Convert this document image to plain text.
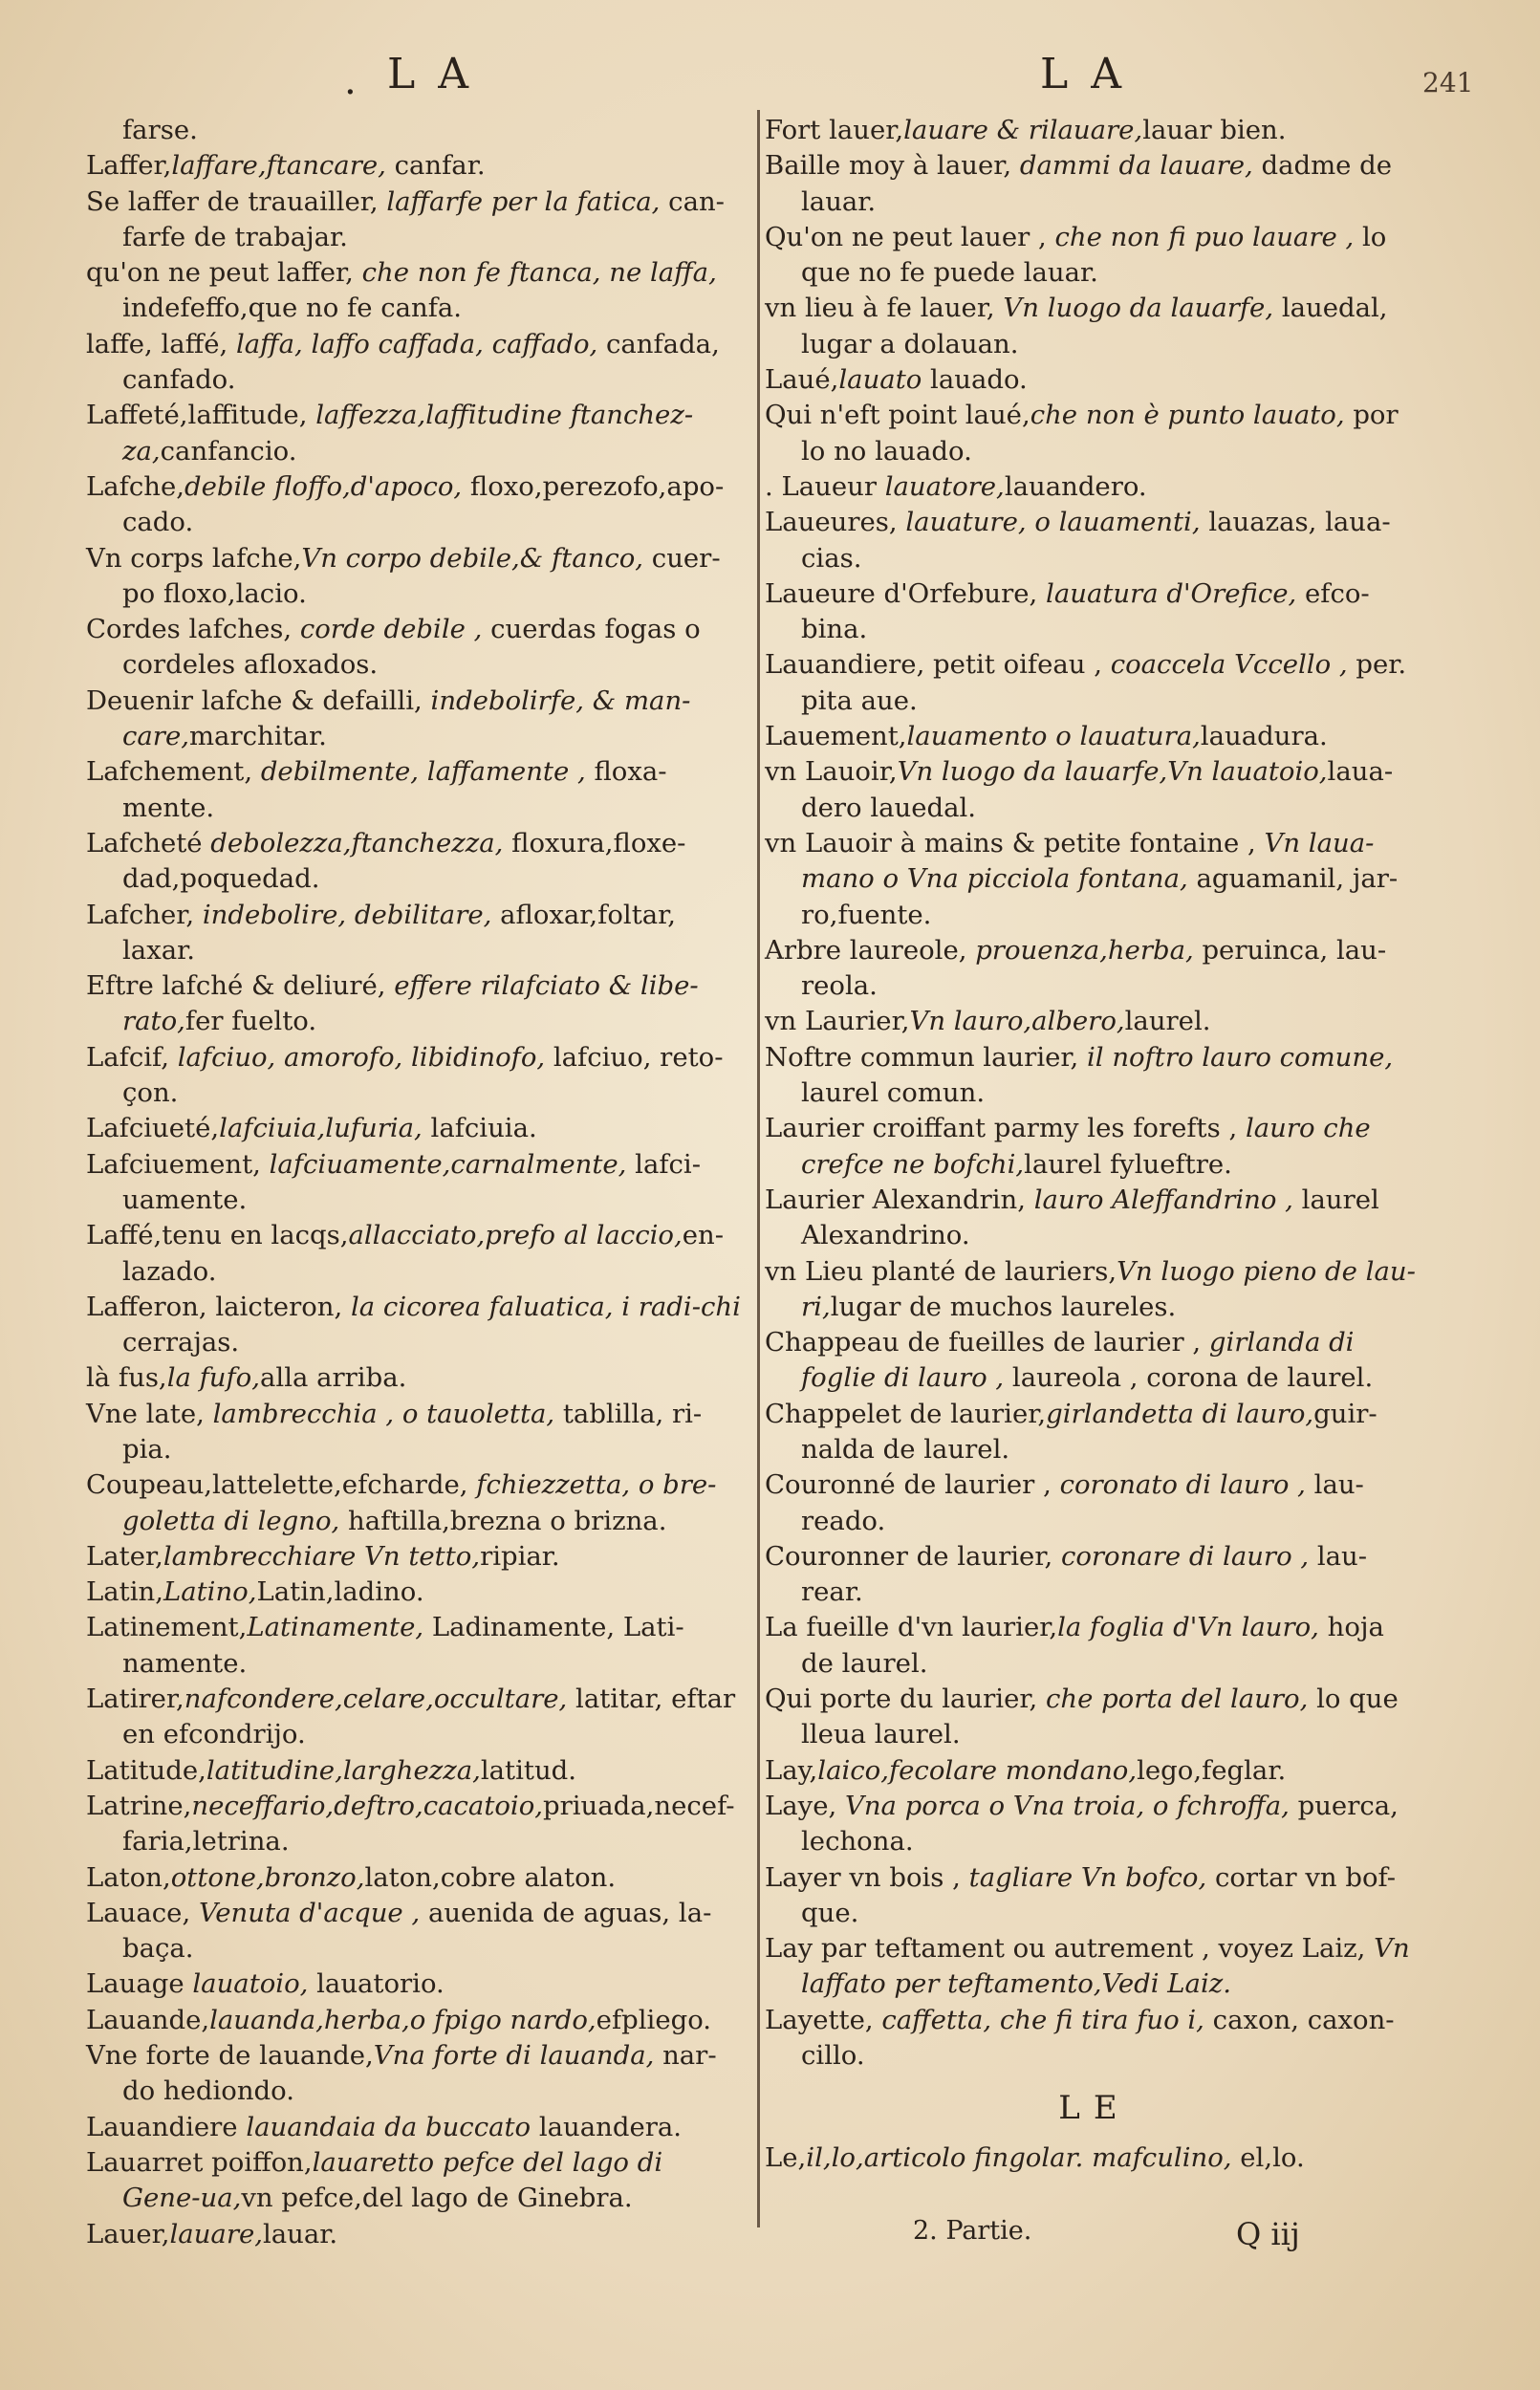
. LA	LA	241

farse.

Laffer,laffare,ftancare, canfar.

Se laffer de trauailler, laffarfe per la fatica, can-farfe de trabajar.

qu'on ne peut laffer, che non fe ftanca, ne laffa, indefeffo,que no fe canfa.

laffe, laffé, laffa, laffo caffada, caffado, canfada, canfado.

Laffeté,laffitude, laffezza,laffitudine ftanchez-za,canfancio.

Lafche,debile floffo,d'apoco, floxo,perezofo,apo-cado.

Vn corps lafche,Vn corpo debile,& ftanco, cuer-po floxo,lacio.

Cordes lafches, corde debile , cuerdas fogas o cordeles afloxados.

Deuenir lafche & defailli, indebolirfe, & man-care,marchitar.

Lafchement, debilmente, laffamente , floxa-mente.

Lafcheté debolezza,ftanchezza, floxura,floxe-dad,poquedad.

Lafcher, indebolire, debilitare, afloxar,foltar, laxar.

Eftre lafché & deliuré, effere rilafciato & libe-rato,fer fuelto.

Lafcif, lafciuo, amorofo, libidinofo, lafciuo, reto-çon.

Lafciueté,lafciuia,lufuria, lafciuia.

Lafciuement, lafciuamente,carnalmente, lafci-uamente.

Laffé,tenu en lacqs,allacciato,prefo al laccio,en-lazado.

Lafferon, laicteron, la cicorea faluatica, i radi-chi cerrajas.

là fus,la fufo,alla arriba.

Vne late, lambrecchia , o tauoletta, tablilla, ri-pia.

Coupeau,lattelette,efcharde, fchiezzetta, o bre-goletta di legno, haftilla,brezna o brizna.

Later,lambrecchiare Vn tetto,ripiar.

Latin,Latino,Latin,ladino.

Latinement,Latinamente, Ladinamente, Lati-namente.

Latirer,nafcondere,celare,occultare, latitar, eftar en efcondrijo.

Latitude,latitudine,larghezza,latitud.

Latrine,neceffario,deftro,cacatoio,priuada,necef-faria,letrina.

Laton,ottone,bronzo,laton,cobre alaton.

Lauace, Venuta d'acque , auenida de aguas, la-baça.

Lauage lauatoio, lauatorio.

Lauande,lauanda,herba,o fpigo nardo,efpliego.

Vne forte de lauande,Vna forte di lauanda, nar-do hediondo.

Lauandiere lauandaia da buccato lauandera.

Lauarret poiffon,lauaretto pefce del lago di Gene-ua,vn pefce,del lago de Ginebra.

Lauer,lauare,lauar.

Fort lauer,lauare & rilauare,lauar bien.

Baille moy à lauer, dammi da lauare, dadme de lauar.

Qu'on ne peut lauer , che non fi puo lauare , lo que no fe puede lauar.

vn lieu à fe lauer, Vn luogo da lauarfe, lauedal, lugar a dolauan.

Laué,lauato lauado.

Qui n'eft point laué,che non è punto lauato, por lo no lauado.

. Laueur lauatore,lauandero.

Laueures, lauature, o lauamenti, lauazas, laua-cias.

Laueure d'Orfebure, lauatura d'Orefice, efco-bina.

Lauandiere, petit oifeau , coaccela Vccello , per. pita aue.

Lauement,lauamento o lauatura,lauadura.

vn Lauoir,Vn luogo da lauarfe,Vn lauatoio,laua-dero lauedal.

vn Lauoir à mains & petite fontaine , Vn laua-mano o Vna picciola fontana, aguamanil, jar-ro,fuente.

Arbre laureole, prouenza,herba, peruinca, lau-reola.

vn Laurier,Vn lauro,albero,laurel.

Noftre commun laurier, il noftro lauro comune, laurel comun.

Laurier croiffant parmy les forefts , lauro che crefce ne bofchi,laurel fylueftre.

Laurier Alexandrin, lauro Aleffandrino , laurel Alexandrino.

vn Lieu planté de lauriers,Vn luogo pieno de lau-ri,lugar de muchos laureles.

Chappeau de fueilles de laurier , girlanda di foglie di lauro , laureola , corona de laurel.

Chappelet de laurier,girlandetta di lauro,guir-nalda de laurel.

Couronné de laurier , coronato di lauro , lau-reado.

Couronner de laurier, coronare di lauro , lau-rear.

La fueille d'vn laurier,la foglia d'Vn lauro, hoja de laurel.

Qui porte du laurier, che porta del lauro, lo que lleua laurel.

Lay,laico,fecolare mondano,lego,feglar.

Laye, Vna porca o Vna troia, o fchroffa, puerca, lechona.

Layer vn bois , tagliare Vn bofco, cortar vn bof-que.

Lay par teftament ou autrement , voyez Laiz, Vn laffato per teftamento,Vedi Laiz.

Layette, caffetta, che fi tira fuo i, caxon, caxon-cillo.

LE

Le,il,lo,articolo fingolar. mafculino, el,lo.

2. Partie.	Q iij
